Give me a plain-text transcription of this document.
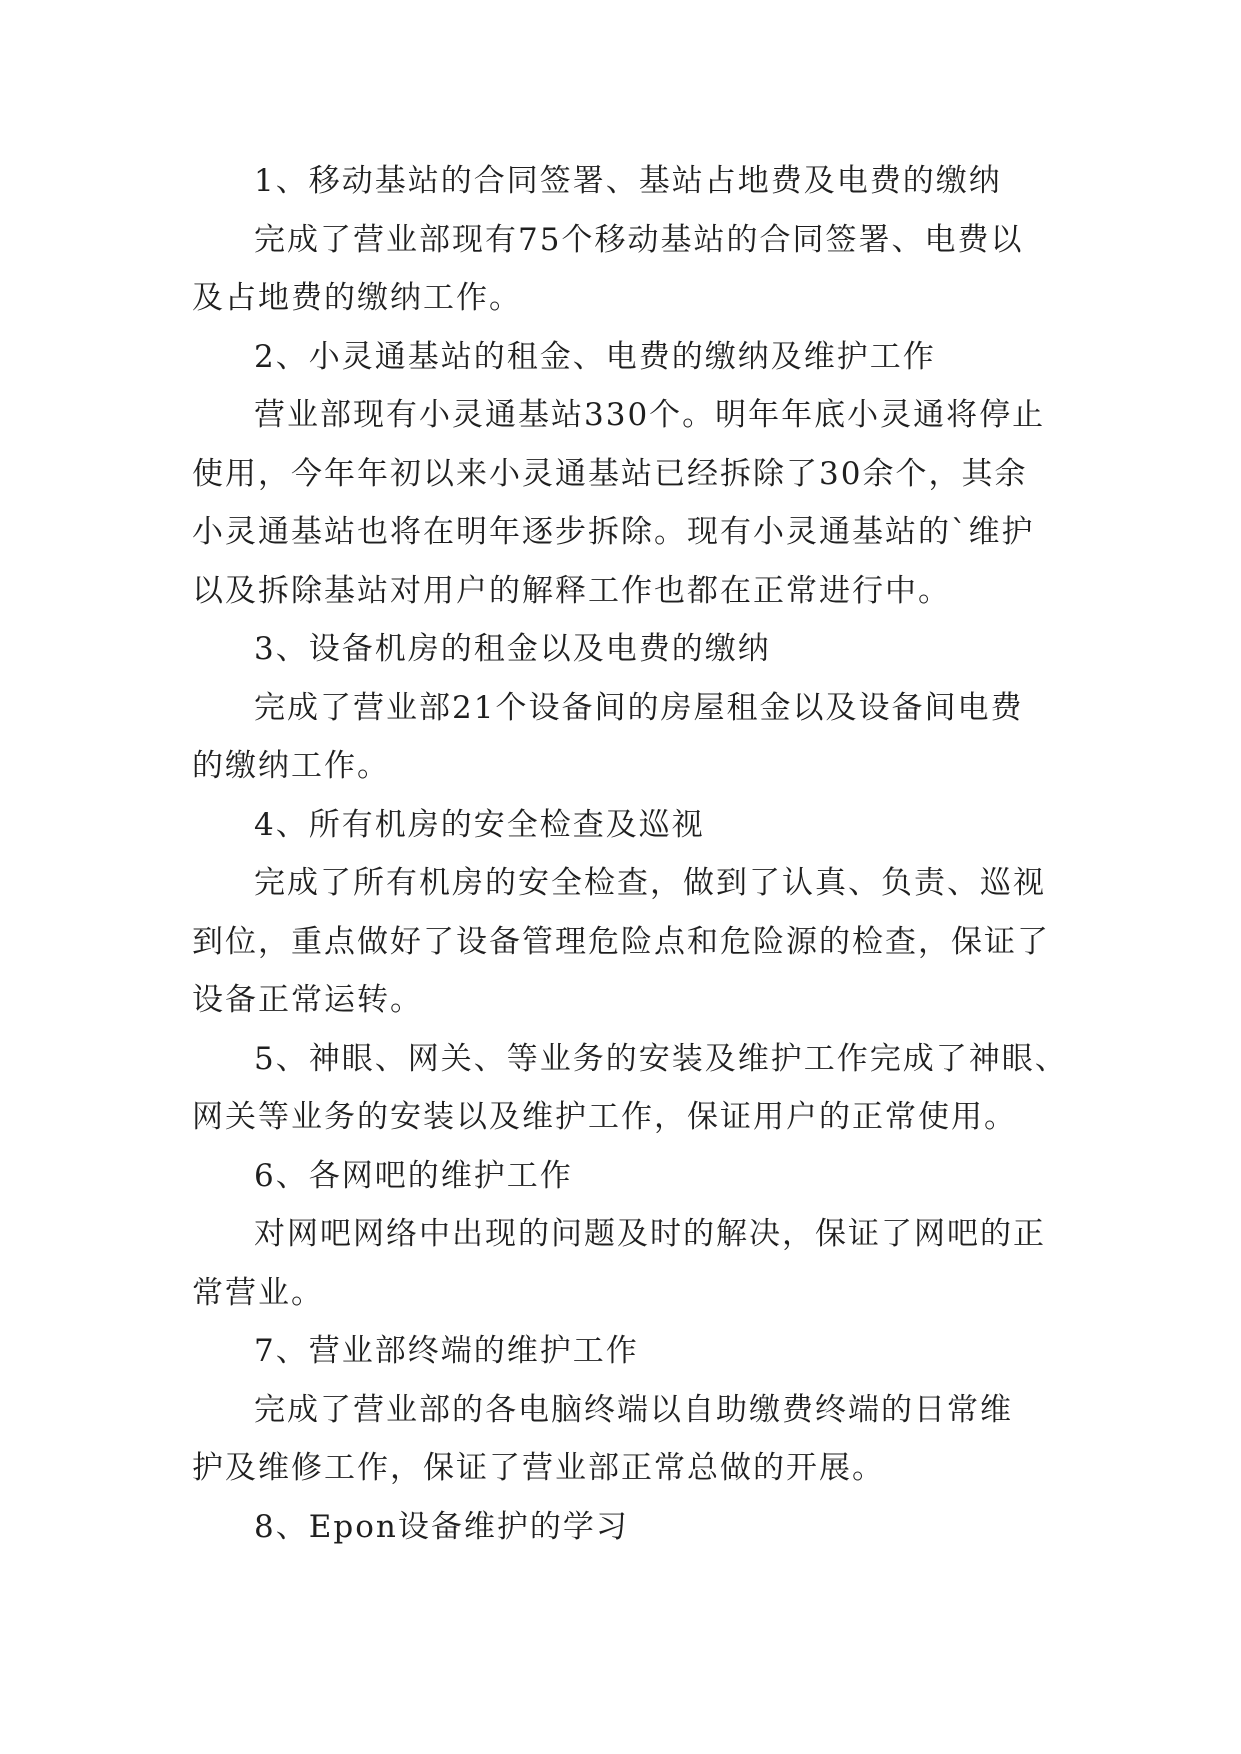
1、移动基站的合同签署、基站占地费及电费的缴纳
完成了营业部现有75个移动基站的合同签署、电费以
及占地费的缴纳工作。
2、小灵通基站的租金、电费的缴纳及维护工作
营业部现有小灵通基站330个。明年年底小灵通将停止
使用，今年年初以来小灵通基站已经拆除了30余个，其余
小灵通基站也将在明年逐步拆除。现有小灵通基站的`维护
以及拆除基站对用户的解释工作也都在正常进行中。
3、设备机房的租金以及电费的缴纳
完成了营业部21个设备间的房屋租金以及设备间电费
的缴纳工作。
4、所有机房的安全检查及巡视
完成了所有机房的安全检查，做到了认真、负责、巡视
到位，重点做好了设备管理危险点和危险源的检查，保证了
设备正常运转。
5、神眼、网关、等业务的安装及维护工作完成了神眼、
网关等业务的安装以及维护工作，保证用户的正常使用。
6、各网吧的维护工作
对网吧网络中出现的问题及时的解决，保证了网吧的正
常营业。
7、营业部终端的维护工作
完成了营业部的各电脑终端以自助缴费终端的日常维
护及维修工作，保证了营业部正常总做的开展。
8、Epon设备维护的学习
